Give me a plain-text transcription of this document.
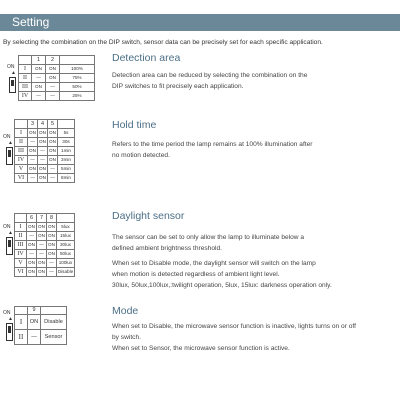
Setting
By selecting the combination on the DIP switch, sensor data can be precisely set for each specific application.
Detection area

Detection area can be reduced by selecting the combination on the

DIP switches to fit precisely each application.

ON
▲
	1	2	
I	ON	ON	100%
II	—	ON	75%
III	ON	—	50%
IV	—	—	25%
Hold time

Refers to the time period the lamp remains at 100% illumination after

no motion detected.

ON
▲
	3	4	5	
I	ON	ON	ON	5s
II	—	ON	ON	30s
III	ON	—	ON	1min
IV	—	—	ON	3min
V	ON	ON	—	5min
VI	—	ON	—	8min
Daylight sensor

The sensor can be set to only allow the lamp to illuminate below a

defined ambient brightness threshold.

When set to Disable mode, the daylight sensor will switch on the lamp

when motion is detected regardless of ambient light level.

30lux, 50lux,100lux,:twilight operation, 5lux, 15lux: darkness operation only.

ON
▲
	6	7	8	
I	ON	ON	ON	5lux
II	—	ON	ON	15lux
III	ON	—	ON	30lux
IV	—	—	ON	50lux
V	ON	ON	—	100lux
VI	ON	ON	—	Disable
Mode

When set to Disable, the microwave sensor function is inactive, lights turns on or off

by switch.

When set to Sensor, the microwave sensor function is active.

ON
▲
	9	
I	ON	Disable
II	—	Sensor
